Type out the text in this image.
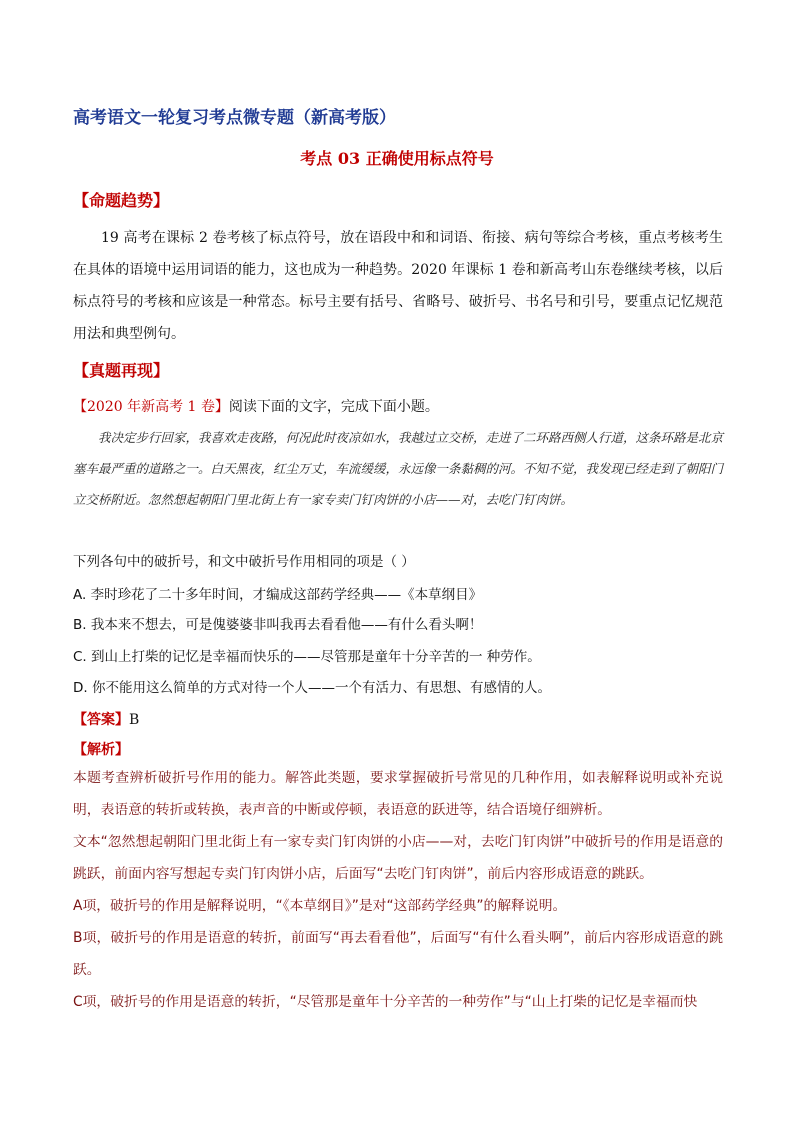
高考语文一轮复习考点微专题（新高考版）
考点 03 正确使用标点符号
【命题趋势】

19 高考在课标 2 卷考核了标点符号，放在语段中和和词语、衔接、病句等综合考核，重点考核考生在具体的语境中运用词语的能力，这也成为一种趋势。2020 年课标 1 卷和新高考山东卷继续考核，以后标点符号的考核和应该是一种常态。标号主要有括号、省略号、破折号、书名号和引号，要重点记忆规范用法和典型例句。

【真题再现】
【2020 年新高考 1 卷】阅读下面的文字，完成下面小题。

我决定步行回家，我喜欢走夜路，何况此时夜凉如水，我越过立交桥，走进了二环路西侧人行道，这条环路是北京塞车最严重的道路之一。白天黑夜，红尘万丈，车流缓缓，永远像一条黏稠的河。不知不觉，我发现已经走到了朝阳门立交桥附近。忽然想起朝阳门里北街上有一家专卖门钉肉饼的小店——对，去吃门钉肉饼。

下列各句中的破折号，和文中破折号作用相同的项是（ ）
A. 李时珍花了二十多年时间，才编成这部药学经典——《本草纲目》
B. 我本来不想去，可是傀婆婆非叫我再去看看他——有什么看头啊！
C. 到山上打柴的记忆是幸福而快乐的——尽管那是童年十分辛苦的一 种劳作。
D. 你不能用这么简单的方式对待一个人——一个有活力、有思想、有感情的人。
【答案】B
【解析】

本题考查辨析破折号作用的能力。解答此类题，要求掌握破折号常见的几种作用，如表解释说明或补充说明，表语意的转折或转换，表声音的中断或停顿，表语意的跃进等，结合语境仔细辨析。

文本“忽然想起朝阳门里北街上有一家专卖门钉肉饼的小店——对，去吃门钉肉饼”中破折号的作用是语意的跳跃，前面内容写想起专卖门钉肉饼小店，后面写“去吃门钉肉饼”，前后内容形成语意的跳跃。

A项，破折号的作用是解释说明，“《本草纲目》”是对“这部药学经典”的解释说明。

B项，破折号的作用是语意的转折，前面写“再去看看他”，后面写“有什么看头啊”，前后内容形成语意的跳跃。

C项，破折号的作用是语意的转折，“尽管那是童年十分辛苦的一种劳作”与“山上打柴的记忆是幸福而快
